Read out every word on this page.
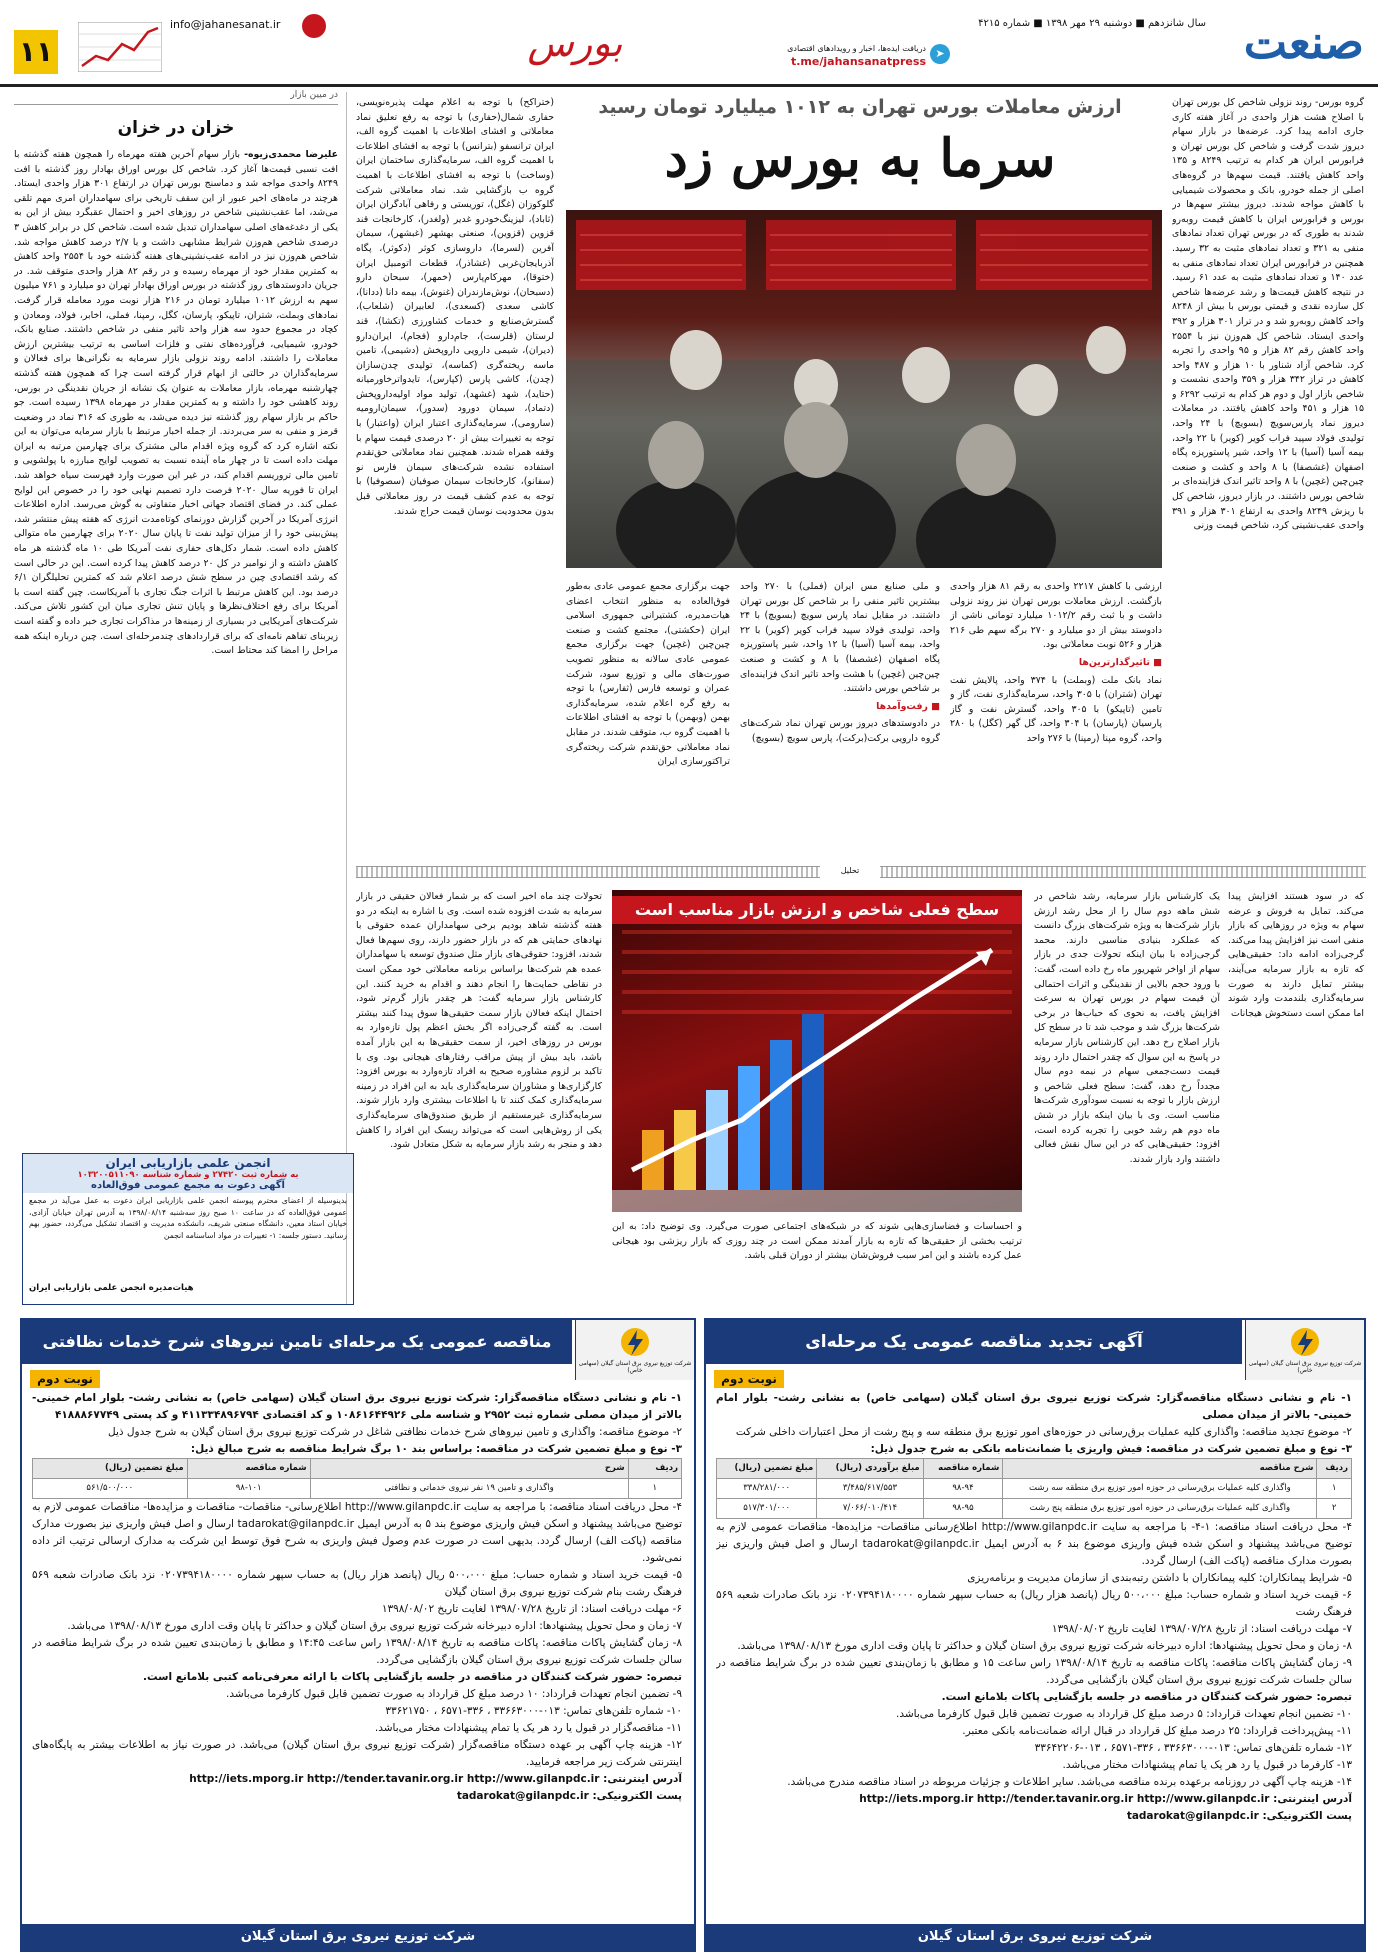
صنعت
سال شانزدهم ■ دوشنبه ۲۹ مهر ۱۳۹۸ ■ شماره ۴۲۱۵
بورس	➤
دریافت ایده‌ها، اخبار و رویدادهای اقتصادی
t.me/jahansanatpress
info@jahanesanat.ir
۱۱
ارزش معاملات بورس تهران به ۱۰۱۲ میلیارد تومان رسید
سرما به بورس زد

گروه بورس- روند نزولی شاخص کل بورس تهران با اصلاح هشت هزار واحدی در آغاز هفته کاری جاری ادامه پیدا کرد. عرضه‌ها در بازار سهام دیروز شدت گرفت و شاخص کل بورس تهران و فرابورس ایران هر کدام به ترتیب ۸۲۴۹ و ۱۳۵ واحد کاهش یافتند. قیمت سهم‌ها در گروه‌های اصلی از جمله خودرو، بانک و محصولات شیمیایی با کاهش مواجه شدند. دیروز بیشتر سهم‌ها در بورس و فرابورس ایران با کاهش قیمت روبه‌رو شدند به طوری که در بورس تهران تعداد نمادهای منفی به ۳۲۱ و تعداد نمادهای مثبت به ۳۲ رسید. همچنین در فرابورس ایران تعداد نمادهای منفی به عدد ۱۴۰ و تعداد نمادهای مثبت به عدد ۶۱ رسید. در نتیجه کاهش قیمت‌ها و رشد عرضه‌ها شاخص کل سازده نقدی و قیمتی بورس با بیش از ۸۲۴۸ واحد کاهش روبه‌رو شد و در تراز ۳۰۱ هزار و ۳۹۲ واحدی ایستاد. شاخص کل هم‌وزن نیز با ۲۵۵۴ واحد کاهش رقم ۸۲ هزار و ۹۵ واحدی را تجربه کرد. شاخص آزاد شناور با ۱۰ هزار و ۴۸۷ واحد کاهش در تراز ۳۴۲ هزار و ۳۵۹ واحدی نشست و شاخص بازار اول و دوم هر کدام به ترتیب ۶۲۹۲ و ۱۵ هزار و ۴۵۱ واحد کاهش یافتند. در معاملات دیروز نماد پارس‌سویچ (بسویچ) با ۲۴ واحد، تولیدی فولاد سپید فراب کویر (کویر) با ۲۲ واحد، بیمه آسیا (آسیا) با ۱۲ واحد، شیر پاستوریزه پگاه اصفهان (غشصفا) با ۸ واحد و کشت و صنعت چین‌چین (غچین) با ۸ واحد تاثیر اندک فزاینده‌ای بر شاخص بورس داشتند. در بازار دیروز، شاخص کل با ریزش ۸۲۴۹ واحدی به ارتفاع ۳۰۱ هزار و ۳۹۱ واحدی عقب‌نشینی کرد، شاخص قیمت وزنی

ارزشی با کاهش ۲۲۱۷ واحدی به رقم ۸۱ هزار واحدی بازگشت. ارزش معاملات بورس تهران نیز روند نزولی داشت و با ثبت رقم ۱۰۱۲/۲ میلیارد تومانی ناشی از دادوستد بیش از دو میلیارد و ۲۷۰ برگه سهم طی ۲۱۶ هزار و ۵۲۶ نوبت معاملاتی بود.

■ تاثیرگذارترین‌ها

نماد بانک ملت (وبملت) با ۳۷۴ واحد، پالایش نفت تهران (شتران) با ۳۰۵ واحد، سرمایه‌گذاری نفت، گاز و تامین (تاپیکو) با ۳۰۵ واحد، گسترش نفت و گاز پارسیان (پارسان) با ۳۰۴ واحد، گل گهر (کگل) با ۲۸۰ واحد، گروه مپنا (رمپنا) با ۲۷۶ واحد

و ملی صنایع مس ایران (فملی) با ۲۷۰ واحد بیشترین تاثیر منفی را بر شاخص کل بورس تهران داشتند. در مقابل نماد پارس سویچ (بسویچ) با ۲۴ واحد، تولیدی فولاد سپید فراب کویر (کویر) با ۲۲ واحد، بیمه آسیا (آسیا) با ۱۲ واحد، شیر پاستوریزه پگاه اصفهان (غشصفا) با ۸ و کشت و صنعت چین‌چین (غچین) با هشت واحد تاثیر اندک فزاینده‌ای بر شاخص بورس داشتند.

■ رفت‌وآمدها

در دادوستدهای دیروز بورس تهران نماد شرکت‌های گروه دارویی برکت(برکت)، پارس سویچ (بسویچ)

جهت برگزاری مجمع عمومی عادی به‌طور فوق‌العاده به منظور انتخاب اعضای هیات‌مدیره، کشتیرانی جمهوری اسلامی ایران (حکشتی)، مجتمع کشت و صنعت چین‌چین (غچین) جهت برگزاری مجمع عمومی عادی سالانه به منظور تصویب صورت‌های مالی و توزیع سود، شرکت عمران و توسعه فارس (ثفارس) با توجه به رفع گره اعلام شده، سرمایه‌گذاری بهمن (وبهمن) با توجه به افشای اطلاعات با اهمیت گروه ب، متوقف شدند. در مقابل نماد معاملاتی حق‌تقدم شرکت ریخته‌گری تراکتورسازی ایران

(ختراکح) با توجه به اعلام مهلت پذیره‌نویسی، حفاری شمال(حفاری) با توجه به رفع تعلیق نماد معاملاتی و افشای اطلاعات با اهمیت گروه الف، ایران ترانسفو (بترانس) با توجه به افشای اطلاعات با اهمیت گروه الف، سرمایه‌گذاری ساختمان ایران (وساخت) با توجه به افشای اطلاعات با اهمیت گروه ب بازگشایی شد. نماد معاملاتی شرکت گلوکوزان (غگل)، توریستی و رفاهی آبادگران ایران (ثاباد)، لیزینگ‌خودرو غدیر (ولغدر)، کارخانجات قند قزوین (قزوین)، صنعتی بهشهر (غبشهر)، سیمان آفرین (لسرما)، داروسازی کوثر (دکوثر)، پگاه آذربایجان‌غربی (غشاذر)، قطعات اتومبیل ایران (ختوقا)، مهرکام‌پارس (خمهر)، سبحان دارو (دسبحان)، نوش‌مازندران (غنوش)، بیمه دانا (ددانا)، کاشی سعدی (کسعدی)، لعابیران (شلعاب)، گسترش‌صنایع و خدمات کشاورزی (تکشا)، قند لرستان (قلرست)، جام‌دارو (فجام)، ایران‌دارو (دیران)، شیمی دارویی داروپخش (دشیمی)، تامین ماسه ریخته‌گری (کماسه)، تولیدی چدن‌سازان (چدن)، کاشی پارس (کپارس)، تایدواتر‌خاورمیانه (حتاید)، شهد (غشهد)، تولید مواد اولیه‌داروپخش (دتماد)، سیمان دورود (سدور)، سیمان‌ارومیه (سارومی)، سرمایه‌گذاری اعتبار ایران (واعتبار) با توجه به تغییرات بیش از ۲۰ درصدی قیمت سهام با وقفه همراه شدند. همچنین نماد معاملاتی حق‌تقدم استفاده نشده شرکت‌های سیمان فارس نو (سفانو)، کارخانجات سیمان صوفیان (سصوفیا) با توجه به عدم کشف قیمت در روز معاملاتی قبل بدون محدودیت نوسان قیمت حراج شدند.

در میین بازار
خزان در خزان

علیرضا محمدی‌زیوه- بازار سهام آخرین هفته مهرماه را همچون هفته گذشته با افت نسبی قیمت‌ها آغاز کرد. شاخص کل بورس اوراق بهادار روز گذشته با افت ۸۲۴۹ واحدی مواجه شد و دماسنج بورس تهران در ارتفاع ۳۰۱ هزار واحدی ایستاد. هرچند در ماه‌های اخیر عبور از این سقف تاریخی برای سهامداران امری مهم تلقی می‌شد، اما عقب‌نشینی شاخص در روزهای اخیر و احتمال عقبگرد بیش از این به یکی از دغدغه‌های اصلی سهامداران تبدیل شده است. شاخص کل در برابر کاهش ۳ درصدی شاخص هم‌وزن شرایط مشابهی داشت و با ۲/۷ درصد کاهش مواجه شد. شاخص هم‌وزن نیز در ادامه عقب‌نشینی‌های هفته گذشته خود با ۲۵۵۴ واحد کاهش به کمترین مقدار خود از مهرماه رسیده و در رقم ۸۲ هزار واحدی متوقف شد. در جریان دادوستدهای روز گذشته در بورس اوراق بهادار تهران دو میلیارد و ۷۶۱ میلیون سهم به ارزش ۱۰۱۲ میلیارد تومان در ۲۱۶ هزار نوبت مورد معامله قرار گرفت. نمادهای وبملت، شتران، تاپیکو، پارسان، کگل، رمپنا، فملی، اخابر، فولاد، ومعادن و کچاد در مجموع حدود سه هزار واحد تاثیر منفی در شاخص داشتند. صنایع بانک، خودرو، شیمیایی، فرآورده‌های نفتی و فلزات اساسی به ترتیب بیشترین ارزش معاملات را داشتند. ادامه روند نزولی بازار سرمایه به نگرانی‌ها برای فعالان و سرمایه‌گذاران در حالتی از ابهام قرار گرفته است چرا که همچون هفته گذشته چهارشنبه مهرماه، بازار معاملات به عنوان یک نشانه از جریان نقدینگی در بورس، روند کاهشی خود را داشته و به کمترین مقدار در مهرماه ۱۳۹۸ رسیده است. جو حاکم بر بازار سهام روز گذشته نیز دیده می‌شد، به طوری که ۳۱۶ نماد در وضعیت قرمز و منفی به سر می‌بردند. از جمله اخبار مرتبط با بازار سرمایه می‌توان به این نکته اشاره کرد که گروه ویژه اقدام مالی مشترک برای چهارمین مرتبه به ایران مهلت داده است تا در چهار ماه آینده نسبت به تصویب لوایح مبارزه با پولشویی و تامین مالی تروریسم اقدام کند، در غیر این صورت وارد فهرست سیاه خواهد شد. ایران تا فوریه سال ۲۰۲۰ فرصت دارد تصمیم نهایی خود را در خصوص این لوایح عملی کند. در فضای اقتصاد جهانی اخبار متفاوتی به گوش می‌رسد. اداره اطلاعات انرژی آمریکا در آخرین گزارش دورنمای کوتاه‌مدت انرژی که هفته پیش منتشر شد، پیش‌بینی خود را از میزان تولید نفت تا پایان سال ۲۰۲۰ برای چهارمین ماه متوالی کاهش داده است. شمار دکل‌های حفاری نفت آمریکا طی ۱۰ ماه گذشته هر ماه کاهش داشته و از نوامبر در کل ۲۰ درصد کاهش پیدا کرده است. این در حالی است که رشد اقتصادی چین در سطح شش درصد اعلام شد که کمترین تحلیلگران ۶/۱ درصد بود. این کاهش مرتبط با اثرات جنگ تجاری با آمریکاست. چین گفته است با آمریکا برای رفع اختلاف‌نظرها و پایان تنش تجاری میان این کشور تلاش می‌کند. شرکت‌های آمریکایی در بسیاری از زمینه‌ها در مذاکرات تجاری خبر داده و گفته است زیربنای تفاهم نامه‌ای که برای قراردادهای چندمرحله‌ای است. چین درباره اینکه همه مراحل را امضا کند محتاط است.

انجمن علمی بازاریابی ایران
به شماره ثبت ۲۷۴۲۰ و شماره شناسه ۱۰۳۲۰۰۵۱۱۰۹۰
آگهی دعوت به مجمع عمومی فوق‌العاده
بدینوسیله از اعضای محترم پیوسته انجمن علمی بازاریابی ایران دعوت به عمل می‌آید در مجمع عمومی فوق‌العاده که در ساعت ۱۰ صبح روز سه‌شنبه ۱۳۹۸/۰۸/۱۴ به آدرس تهران خیابان آزادی، خیابان استاد معین، دانشگاه صنعتی شریف، دانشکده مدیریت و اقتصاد تشکیل می‌گردد، حضور بهم رسانید. دستور جلسه: ۱- تغییرات در مواد اساسنامه انجمن
هیات‌مدیره انجمن علمی بازاریابی ایران
تحلیل
سطح فعلی شاخص و ارزش بازار مناسب است

یک کارشناس بازار سرمایه، رشد شاخص در شش ماهه دوم سال را از محل رشد ارزش بازار شرکت‌ها به ویژه شرکت‌های بزرگ دانست که عملکرد بنیادی مناسبی دارند. محمد گرجی‌زاده با بیان اینکه تحولات جدی در بازار سهام از اواخر شهریور ماه رخ داده است، گفت: با ورود حجم بالایی از نقدینگی و اثرات احتمالی آن قیمت سهام در بورس تهران به سرعت افزایش یافت، به نحوی که حباب‌ها در برخی شرکت‌ها بزرگ شد و موجب شد تا در سطح کل بازار اصلاح رخ دهد. این کارشناس بازار سرمایه در پاسخ به این سوال که چقدر احتمال دارد روند قیمت دست‌جمعی سهام در نیمه دوم سال مجدداً رخ دهد، گفت: سطح فعلی شاخص و ارزش بازار با توجه به نسبت سودآوری شرکت‌ها مناسب است. وی با بیان اینکه بازار در شش ماه دوم هم رشد خوبی را تجربه کرده است، افزود: حقیقی‌هایی که در این سال نقش فعالی داشتند وارد بازار شدند.

که در سود هستند افزایش پیدا می‌کند. تمایل به فروش و عرضه سهام به ویژه در روزهایی که بازار منفی است نیز افزایش پیدا می‌کند. گرجی‌زاده ادامه داد: حقیقی‌هایی که تازه به بازار سرمایه می‌آیند، بیشتر تمایل دارند به صورت سرمایه‌گذاری بلندمدت وارد شوند اما ممکن است دستخوش هیجانات

و احساسات و فضاسازی‌هایی شوند که در شبکه‌های اجتماعی صورت می‌گیرد. وی توضیح داد: به این ترتیب بخشی از حقیقی‌ها که تازه به بازار آمدند ممکن است در چند روزی که بازار ریزشی بود هیجانی عمل کرده باشند و این امر سبب فروش‌شان بیشتر از دوران قبلی باشد.

تحولات چند ماه اخیر است که بر شمار فعالان حقیقی در بازار سرمایه به شدت افزوده شده است. وی با اشاره به اینکه در دو هفته گذشته شاهد بودیم برخی سهامداران عمده حقوقی با نهادهای حمایتی هم که در بازار حضور دارند، روی سهم‌ها فعال شدند، افزود: حقوقی‌های بازار مثل صندوق توسعه یا سهامداران عمده هم شرکت‌ها براساس برنامه معاملاتی خود ممکن است در نقاطی حمایت‌ها را انجام دهند و اقدام به خرید کنند. این کارشناس بازار سرمایه گفت: هر چقدر بازار گرم‌تر شود، احتمال اینکه فعالان بازار سمت حقیقی‌ها سوق پیدا کنند بیشتر است. به گفته گرجی‌زاده اگر بخش اعظم پول تازه‌وارد به بورس در روزهای اخیر، از سمت حقیقی‌ها به این بازار آمده باشد، باید بیش از پیش مراقب رفتارهای هیجانی بود. وی با تاکید بر لزوم مشاوره صحیح به افراد تازه‌وارد به بورس افزود: کارگزاری‌ها و مشاوران سرمایه‌گذاری باید به این افراد در زمینه سرمایه‌گذاری کمک کنند تا با اطلاعات بیشتری وارد بازار شوند. سرمایه‌گذاری غیرمستقیم از طریق صندوق‌های سرمایه‌گذاری یکی از روش‌هایی است که می‌تواند ریسک این افراد را کاهش دهد و منجر به رشد بازار سرمایه به شکل متعادل شود.

آگهی تجدید مناقصه عمومی یک مرحله‌ای
شرکت توزیع نیروی برق استان گیلان (سهامی خاص)
نوبت دوم

۱- نام و نشانی دستگاه مناقصه‌گزار: شرکت توزیع نیروی برق استان گیلان (سهامی خاص) به نشانی رشت- بلوار امام خمینی- بالاتر از میدان مصلی

۲- موضوع تجدید مناقصه: واگذاری کلیه عملیات برق‌رسانی در حوزه‌های امور توزیع برق منطقه سه و پنج رشت از محل اعتبارات داخلی شرکت

۳- نوع و مبلغ تضمین شرکت در مناقصه: فیش واریزی یا ضمانت‌نامه بانکی به شرح جدول ذیل:

ردیف	شرح مناقصه	شماره مناقصه	مبلغ برآوردی (ریال)	مبلغ تضمین (ریال)
۱	واگذاری کلیه عملیات برق‌رسانی در حوزه امور توزیع برق منطقه سه رشت	۹۸-۹۴	۳/۴۸۵/۶۱۷/۵۵۳	۳۳۸/۲۸۱/۰۰۰
۲	واگذاری کلیه عملیات برق‌رسانی در حوزه امور توزیع برق منطقه پنج رشت	۹۸-۹۵	۷/۰۶۶/۰۱۰/۴۱۴	۵۱۷/۳۰۱/۰۰۰

۴- محل دریافت اسناد مناقصه: ۱-۴- با مراجعه به سایت http://www.gilanpdc.ir اطلاع‌رسانی مناقصات- مزایده‌ها- مناقصات عمومی لازم به توضیح می‌باشد پیشنهاد و اسکن شده فیش واریزی موضوع بند ۶ به آدرس ایمیل tadarokat@gilanpdc.ir ارسال و اصل فیش واریزی نیز بصورت مدارک مناقصه (پاکت الف) ارسال گردد.

۵- شرایط پیمانکاران: کلیه پیمانکاران با داشتن رتبه‌بندی از سازمان مدیریت و برنامه‌ریزی

۶- قیمت خرید اسناد و شماره حساب: مبلغ ۵۰۰،۰۰۰ ریال (پانصد هزار ریال) به حساب سپهر شماره ۰۲۰۷۳۹۴۱۸۰۰۰۰ نزد بانک صادرات شعبه ۵۶۹ فرهنگ رشت

۷- مهلت دریافت اسناد: از تاریخ ۱۳۹۸/۰۷/۲۸ لغایت تاریخ ۱۳۹۸/۰۸/۰۲

۸- زمان و محل تحویل پیشنهادها: اداره دبیرخانه شرکت توزیع نیروی برق استان گیلان و حداکثر تا پایان وقت اداری مورخ ۱۳۹۸/۰۸/۱۳ می‌باشد.

۹- زمان گشایش پاکات مناقصه: پاکات مناقصه به تاریخ ۱۳۹۸/۰۸/۱۴ راس ساعت ۱۵ و مطابق با زمان‌بندی تعیین شده در برگ شرایط مناقصه در سالن جلسات شرکت توزیع نیروی برق استان گیلان بازگشایی می‌گردد.

تبصره: حضور شرکت کنندگان در مناقصه در جلسه بازگشایی پاکات بلامانع است.

۱۰- تضمین انجام تعهدات قرارداد: ۵ درصد مبلغ کل قرارداد به صورت تضمین قابل قبول کارفرما می‌باشد.

۱۱- پیش‌پرداخت قرارداد: ۲۵ درصد مبلغ کل قرارداد در قبال ارائه ضمانت‌نامه بانکی معتبر.

۱۲- شماره تلفن‌های تماس: ۰۱۳-۳۳۶۶۳۰۰۰ ، ۳۳۶-۶۵۷۱ ، ۰۱۳-۳۳۶۴۲۲۰۶

۱۳- کارفرما در قبول یا رد هر یک یا تمام پیشنهادات مختار می‌باشد.

۱۴- هزینه چاپ آگهی در روزنامه برعهده برنده مناقصه می‌باشد. سایر اطلاعات و جزئیات مربوطه در اسناد مناقصه مندرج می‌باشد.

آدرس اینترنتی: http://iets.mporg.ir http://tender.tavanir.org.ir http://www.gilanpdc.ir

پست الکترونیکی: tadarokat@gilanpdc.ir

شرکت توزیع نیروی برق استان گیلان
مناقصه عمومی یک مرحله‌ای تامین نیروهای شرح خدمات نظافتی
شرکت توزیع نیروی برق استان گیلان (سهامی خاص)
نوبت دوم

۱- نام و نشانی دستگاه مناقصه‌گزار: شرکت توزیع نیروی برق استان گیلان (سهامی خاص) به نشانی رشت- بلوار امام خمینی- بالاتر از میدان مصلی شماره ثبت ۲۹۵۲ و شناسه ملی ۱۰۸۶۱۶۴۴۹۲۶ و کد اقتصادی ۴۱۱۳۳۴۸۹۶۷۹۴ و کد پستی ۴۱۸۸۸۶۷۷۴۹

۲- موضوع مناقصه: واگذاری و تامین نیروهای شرح خدمات نظافتی شاغل در شرکت توزیع نیروی برق استان گیلان به شرح جدول ذیل

۳- نوع و مبلغ تضمین شرکت در مناقصه: براساس بند ۱۰ برگ شرایط مناقصه به شرح مبالغ ذیل:

ردیف	شرح	شماره مناقصه	مبلغ تضمین (ریال)
۱	واگذاری و تامین ۱۹ نفر نیروی خدماتی و نظافتی	۹۸-۱۰۱	۵۶۱/۵۰۰/۰۰۰

۴- محل دریافت اسناد مناقصه: با مراجعه به سایت http://www.gilanpdc.ir اطلاع‌رسانی- مناقصات- مناقصات و مزایده‌ها- مناقصات عمومی لازم به توضیح می‌باشد پیشنهاد و اسکن فیش واریزی موضوع بند ۵ به آدرس ایمیل tadarokat@gilanpdc.ir ارسال و اصل فیش واریزی نیز بصورت مدارک مناقصه (پاکت الف) ارسال گردد. بدیهی است در صورت عدم وصول فیش واریزی به شرح فوق توسط این شرکت به مدارک ارسالی ترتیب اثر داده نمی‌شود.

۵- قیمت خرید اسناد و شماره حساب: مبلغ ۵۰۰،۰۰۰ ریال (پانصد هزار ریال) به حساب سپهر شماره ۰۲۰۷۳۹۴۱۸۰۰۰۰ نزد بانک صادرات شعبه ۵۶۹ فرهنگ رشت بنام شرکت توزیع نیروی برق استان گیلان

۶- مهلت دریافت اسناد: از تاریخ ۱۳۹۸/۰۷/۲۸ لغایت تاریخ ۱۳۹۸/۰۸/۰۲

۷- زمان و محل تحویل پیشنهادها: اداره دبیرخانه شرکت توزیع نیروی برق استان گیلان و حداکثر تا پایان وقت اداری مورخ ۱۳۹۸/۰۸/۱۳ می‌باشد.

۸- زمان گشایش پاکات مناقصه: پاکات مناقصه به تاریخ ۱۳۹۸/۰۸/۱۴ راس ساعت ۱۴:۴۵ و مطابق با زمان‌بندی تعیین شده در برگ شرایط مناقصه در سالن جلسات شرکت توزیع نیروی برق استان گیلان بازگشایی می‌گردد.

تبصره: حضور شرکت کنندگان در مناقصه در جلسه بازگشایی پاکات با ارائه معرفی‌نامه کتبی بلامانع است.

۹- تضمین انجام تعهدات قرارداد: ۱۰ درصد مبلغ کل قرارداد به صورت تضمین قابل قبول کارفرما می‌باشد.

۱۰- شماره تلفن‌های تماس: ۰۱۳-۳۳۶۶۳۰۰۰ ، ۳۳۶-۶۵۷۱ ، ۳۳۶۲۱۷۵۰

۱۱- مناقصه‌گزار در قبول یا رد هر یک یا تمام پیشنهادات مختار می‌باشد.

۱۲- هزینه چاپ آگهی بر عهده دستگاه مناقصه‌گزار (شرکت توزیع نیروی برق استان گیلان) می‌باشد. در صورت نیاز به اطلاعات بیشتر به پایگاه‌های اینترنتی شرکت زیر مراجعه فرمایید.

آدرس اینترنتی: http://iets.mporg.ir http://tender.tavanir.org.ir http://www.gilanpdc.ir

پست الکترونیکی: tadarokat@gilanpdc.ir

شرکت توزیع نیروی برق استان گیلان
